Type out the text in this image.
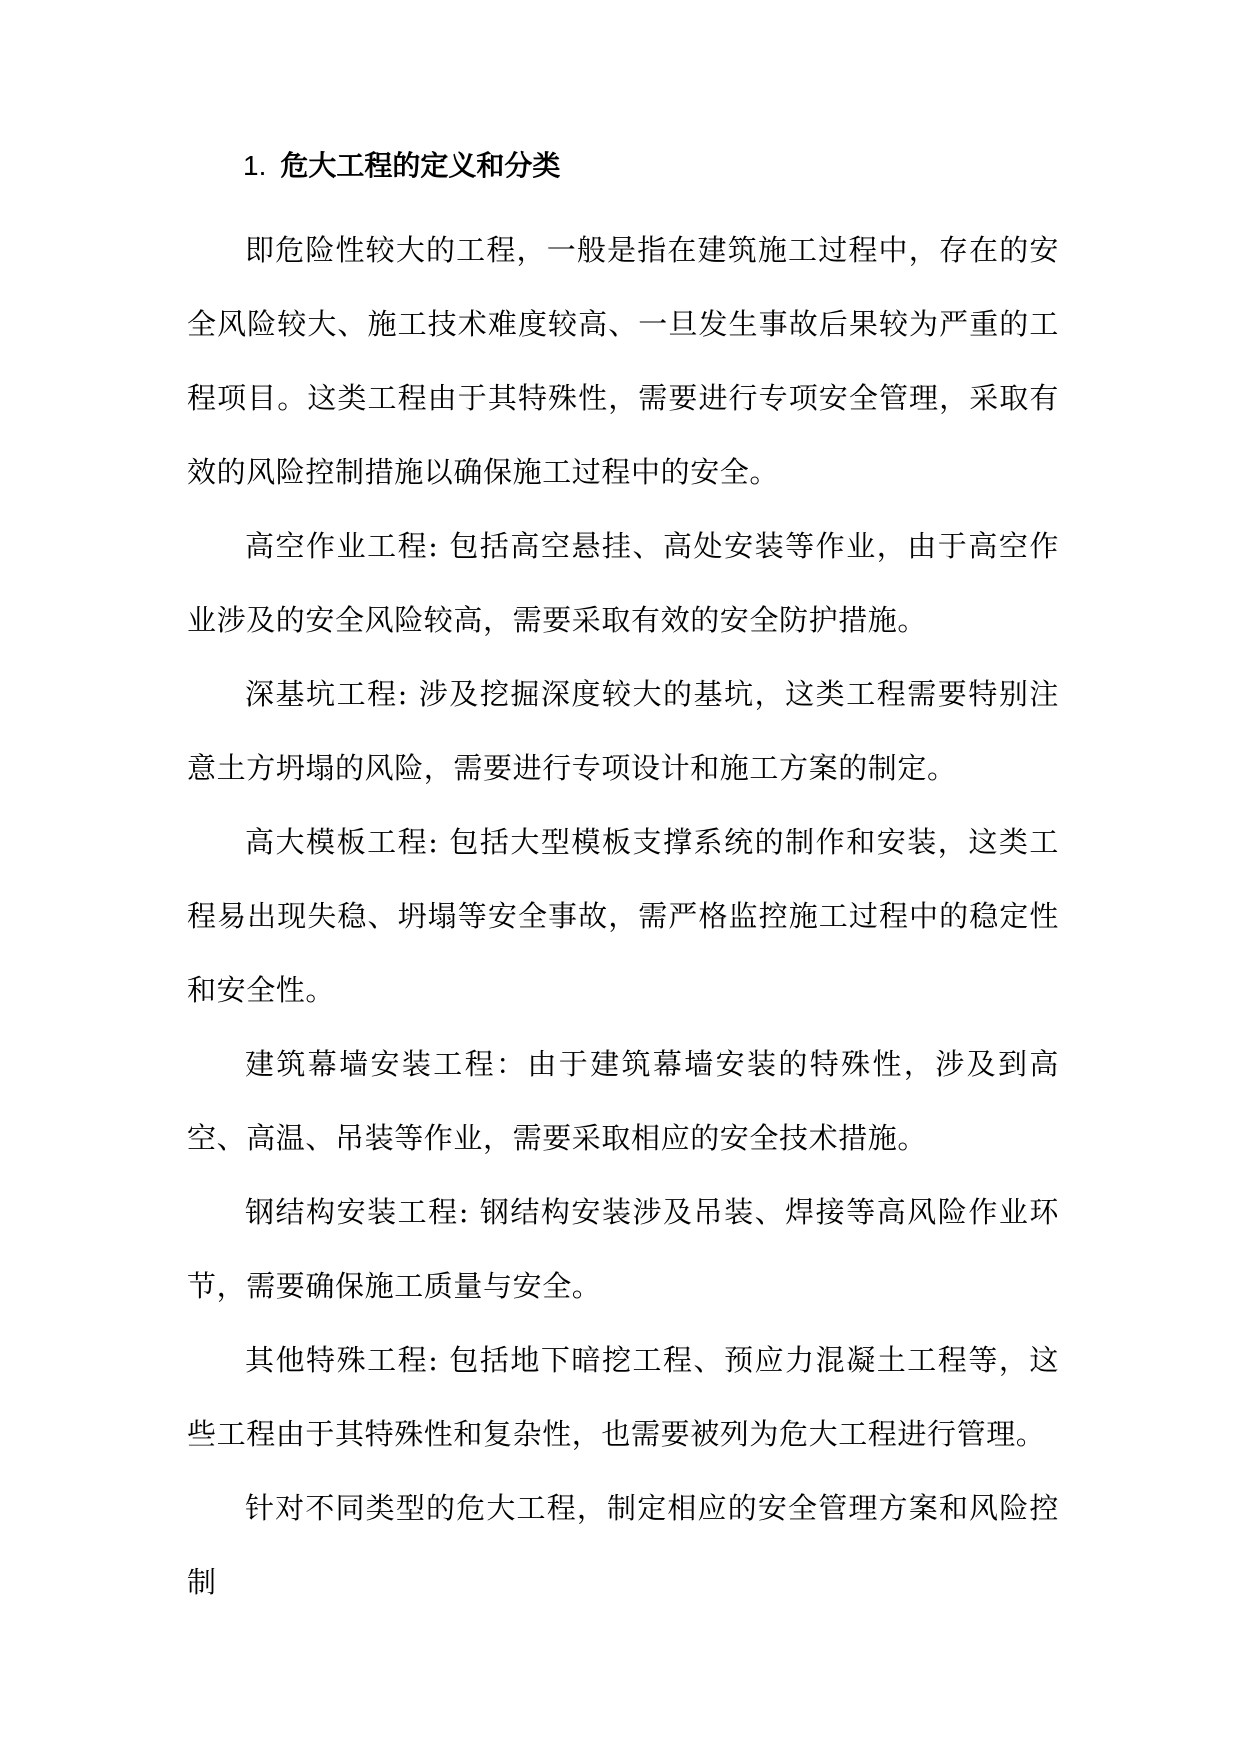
1. 危大工程的定义和分类

即危险性较大的工程，一般是指在建筑施工过程中，存在的安全风险较大、施工技术难度较高、一旦发生事故后果较为严重的工程项目。这类工程由于其特殊性，需要进行专项安全管理，采取有效的风险控制措施以确保施工过程中的安全。

高空作业工程: 包括高空悬挂、高处安装等作业，由于高空作业涉及的安全风险较高，需要采取有效的安全防护措施。

深基坑工程: 涉及挖掘深度较大的基坑，这类工程需要特别注意土方坍塌的风险，需要进行专项设计和施工方案的制定。

高大模板工程: 包括大型模板支撑系统的制作和安装，这类工程易出现失稳、坍塌等安全事故，需严格监控施工过程中的稳定性和安全性。

建筑幕墙安装工程：由于建筑幕墙安装的特殊性，涉及到高空、高温、吊装等作业，需要采取相应的安全技术措施。

钢结构安装工程: 钢结构安装涉及吊装、焊接等高风险作业环节，需要确保施工质量与安全。

其他特殊工程: 包括地下暗挖工程、预应力混凝土工程等，这些工程由于其特殊性和复杂性，也需要被列为危大工程进行管理。

针对不同类型的危大工程，制定相应的安全管理方案和风险控制
